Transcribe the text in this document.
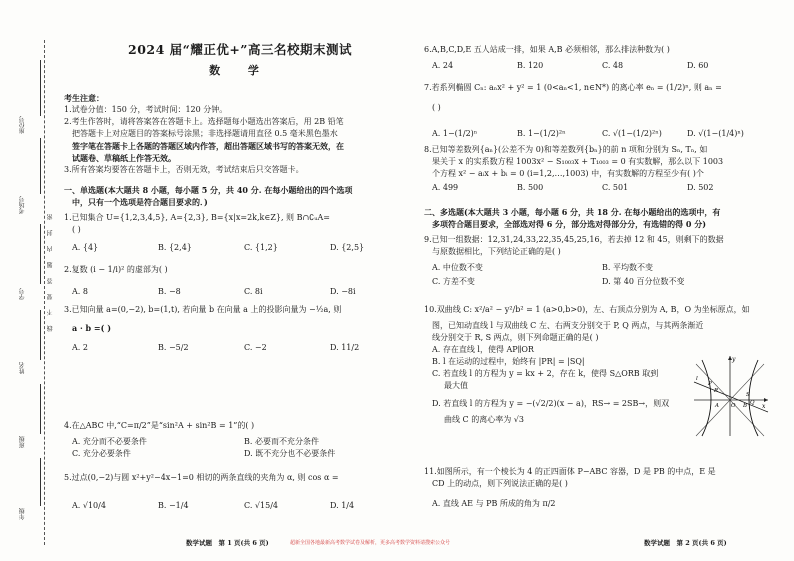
座位号
考场号
学号
姓名
班级
年级
线 不 要 答 题 内 封 密
2024 届“耀正优+”高三名校期末测试
数 学
考生注意：
1.试卷分值：150 分，考试时间：120 分钟。
2.考生作答时，请将答案答在答题卡上。选择题每小题选出答案后，用 2B 铅笔
把答题卡上对应题目的答案标号涂黑；非选择题请用直径 0.5 毫米黑色墨水
签字笔在答题卡上各题的答题区域内作答，超出答题区域书写的答案无效，在
试题卷、草稿纸上作答无效。
3.所有答案均要答在答题卡上，否则无效，考试结束后只交答题卡。
一、单选题(本大题共 8 小题，每小题 5 分，共 40 分. 在每小题给出的四个选项
中，只有一个选项是符合题目要求的．)
1.已知集合 U={1,2,3,4,5}, A={2,3}, B={x|x=2k,k∈Z}, 则 B∩∁ᵤA=
( )
A. {4}	B. {2,4}	C. {1,2}	D. {2,5}
2.复数 (i − 1/i)² 的虚部为( )
A. 8	B. −8	C. 8i	D. −8i
3.已知向量 a=(0,−2), b=(1,t), 若向量 b 在向量 a 上的投影向量为 −½a, 则
a · b =( )
A. 2	B. −5/2	C. −2	D. 11/2
4.在△ABC 中,“C=π/2”是“sin²A + sin²B = 1”的( )
A. 充分而不必要条件	B. 必要而不充分条件
C. 充分必要条件	D. 既不充分也不必要条件
5.过点(0,−2)与圆 x²+y²−4x−1=0 相切的两条直线的夹角为 α, 则 cos α =
A. √10/4	B. −1/4	C. √15/4	D. 1/4
数学试题　第 1 页(共 6 页)
6.A,B,C,D,E 五人站成一排，如果 A,B 必须相邻，那么排法种数为( )
A. 24	B. 120	C. 48	D. 60
7.若系列椭圆 Cₙ: aₙx² + y² = 1 (0<aₙ<1, n∈N*) 的离心率 eₙ = (1/2)ⁿ, 则 aₙ =
( )
A. 1−(1/2)ⁿ	B. 1−(1/2)²ⁿ	C. √(1−(1/2)²ⁿ)	D. √(1−(1/4)ⁿ)
8.已知等差数列{aₙ}(公差不为 0)和等差数列{bₙ}的前 n 项和分别为 Sₙ, Tₙ, 如
果关于 x 的实系数方程 1003x² − S₁₀₀₃x + T₁₀₀₃ = 0 有实数解，那么以下 1003
个方程 x² − aᵢx + bᵢ = 0 (i=1,2,…,1003) 中，有实数解的方程至少有( )个
A. 499	B. 500	C. 501	D. 502
二、多选题(本大题共 3 小题，每小题 6 分，共 18 分. 在每小题给出的选项中，有
多项符合题目要求，全部选对得 6 分，部分选对得部分分，有选错的得 0 分)
9.已知一组数据：12,31,24,33,22,35,45,25,16，若去掉 12 和 45，则剩下的数据
与原数据相比，下列结论正确的是( )
A. 中位数不变	B. 平均数不变
C. 方差不变	D. 第 40 百分位数不变
10.双曲线 C: x²/a² − y²/b² = 1 (a>0,b>0)，左、右顶点分别为 A, B，O 为坐标原点，如
图，已知动直线 l 与双曲线 C 左、右两支分别交于 P, Q 两点，与其两条渐近
线分别交于 R, S 两点，则下列命题正确的是( )
A. 存在直线 l，使得 AP∥OR
B. l 在运动的过程中，始终有 |PR| = |SQ|
C. 若直线 l 的方程为 y = kx + 2，存在 k，使得 S△ORB 取到
最大值
D. 若直线 l 的方程为 y = −(√2/2)(x − a)，RS→ = 2SB→，则双
曲线 C 的离心率为 √3
y
x
O
A	B
P
Q
R
S
l
11.如图所示，有一个棱长为 4 的正四面体 P−ABC 容器，D 是 PB 的中点，E 是
CD 上的动点，则下列说法正确的是( )
A. 直线 AE 与 PB 所成的角为 π/2
数学试题　第 2 页(共 6 页)
超新全国各地最新高考数学试卷及解析，更多高考数学资料请搜索公众号
